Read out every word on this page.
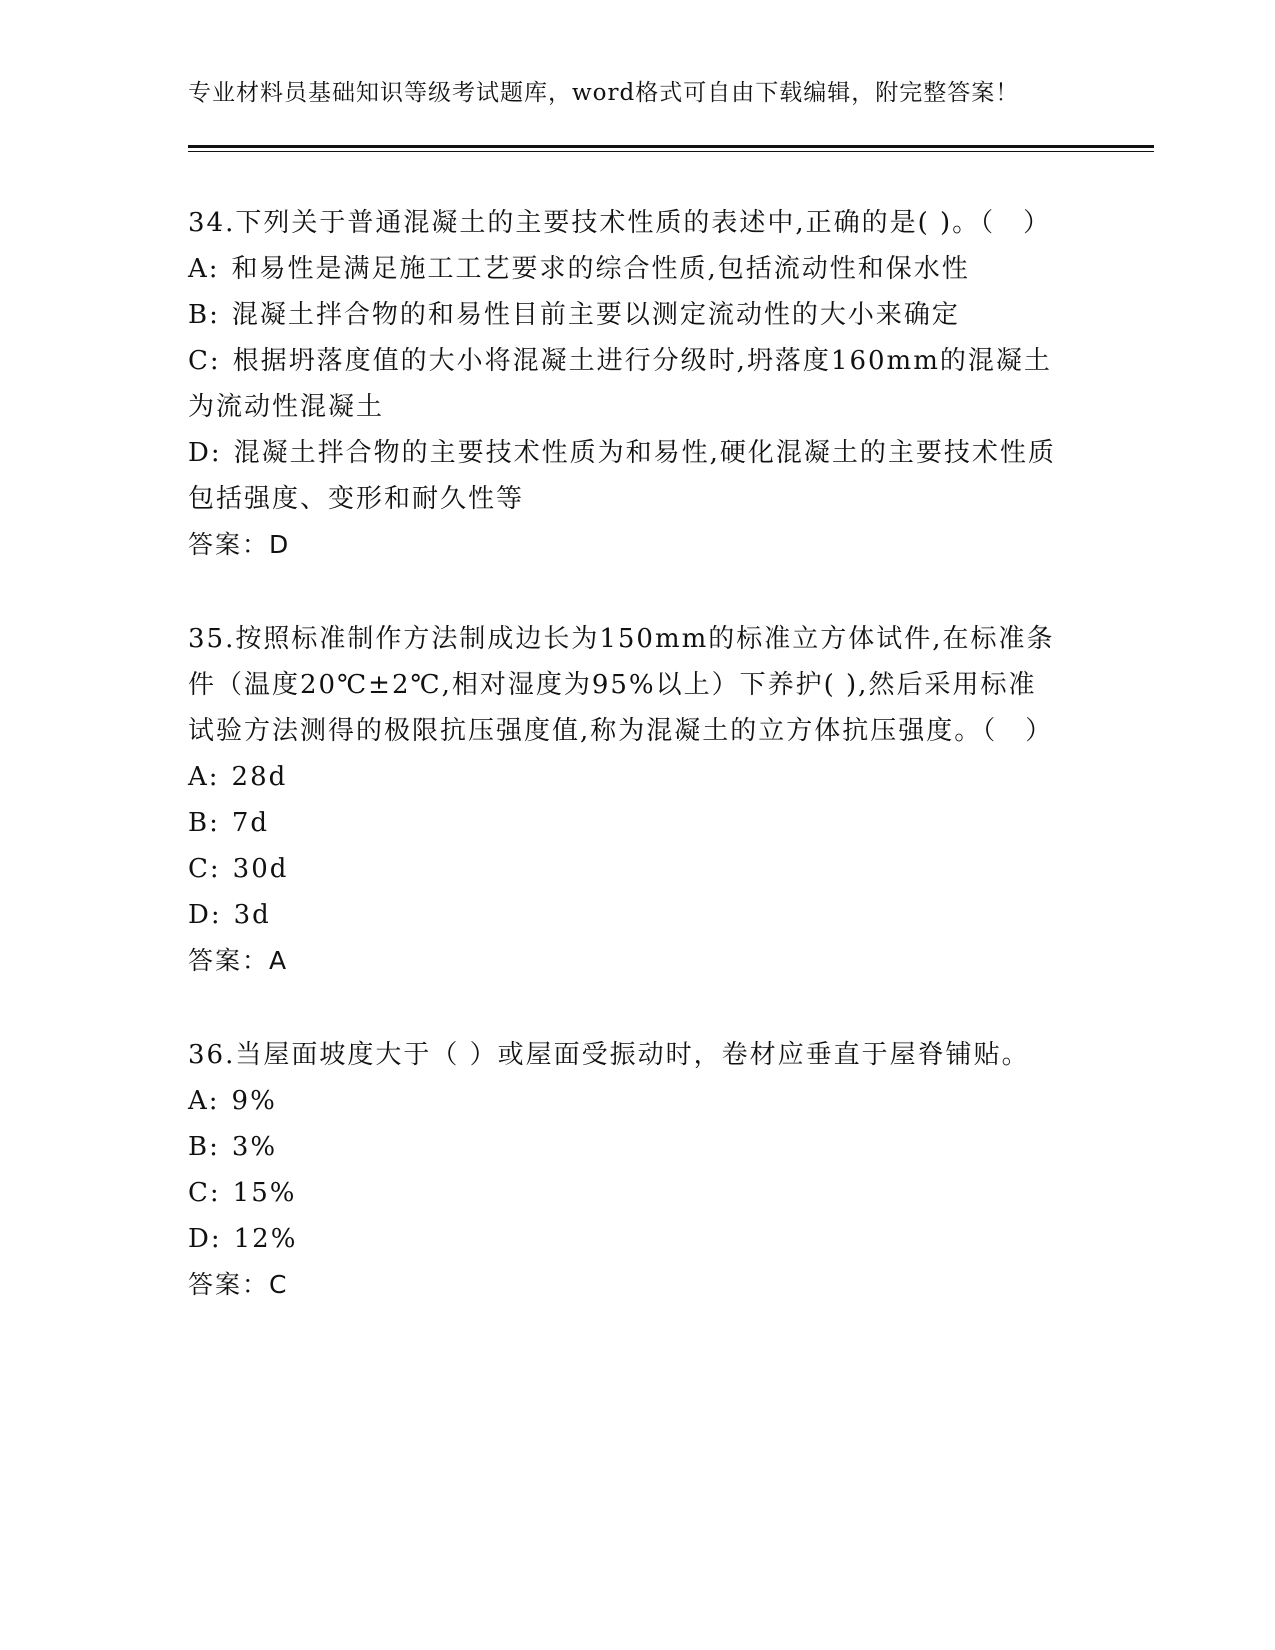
专业材料员基础知识等级考试题库，word格式可自由下载编辑，附完整答案！
34.下列关于普通混凝土的主要技术性质的表述中,正确的是( )。（　）
A: 和易性是满足施工工艺要求的综合性质,包括流动性和保水性
B: 混凝土拌合物的和易性目前主要以测定流动性的大小来确定
C: 根据坍落度值的大小将混凝土进行分级时,坍落度160mm的混凝土为流动性混凝土
D: 混凝土拌合物的主要技术性质为和易性,硬化混凝土的主要技术性质包括强度、变形和耐久性等
答案：D
35.按照标准制作方法制成边长为150mm的标准立方体试件,在标准条件（温度20℃±2℃,相对湿度为95%以上）下养护( ),然后采用标准试验方法测得的极限抗压强度值,称为混凝土的立方体抗压强度。（　）
A: 28d
B: 7d
C: 30d
D: 3d
答案：A
36.当屋面坡度大于（ ）或屋面受振动时，卷材应垂直于屋脊铺贴。
A: 9%
B: 3%
C: 15%
D: 12%
答案：C
